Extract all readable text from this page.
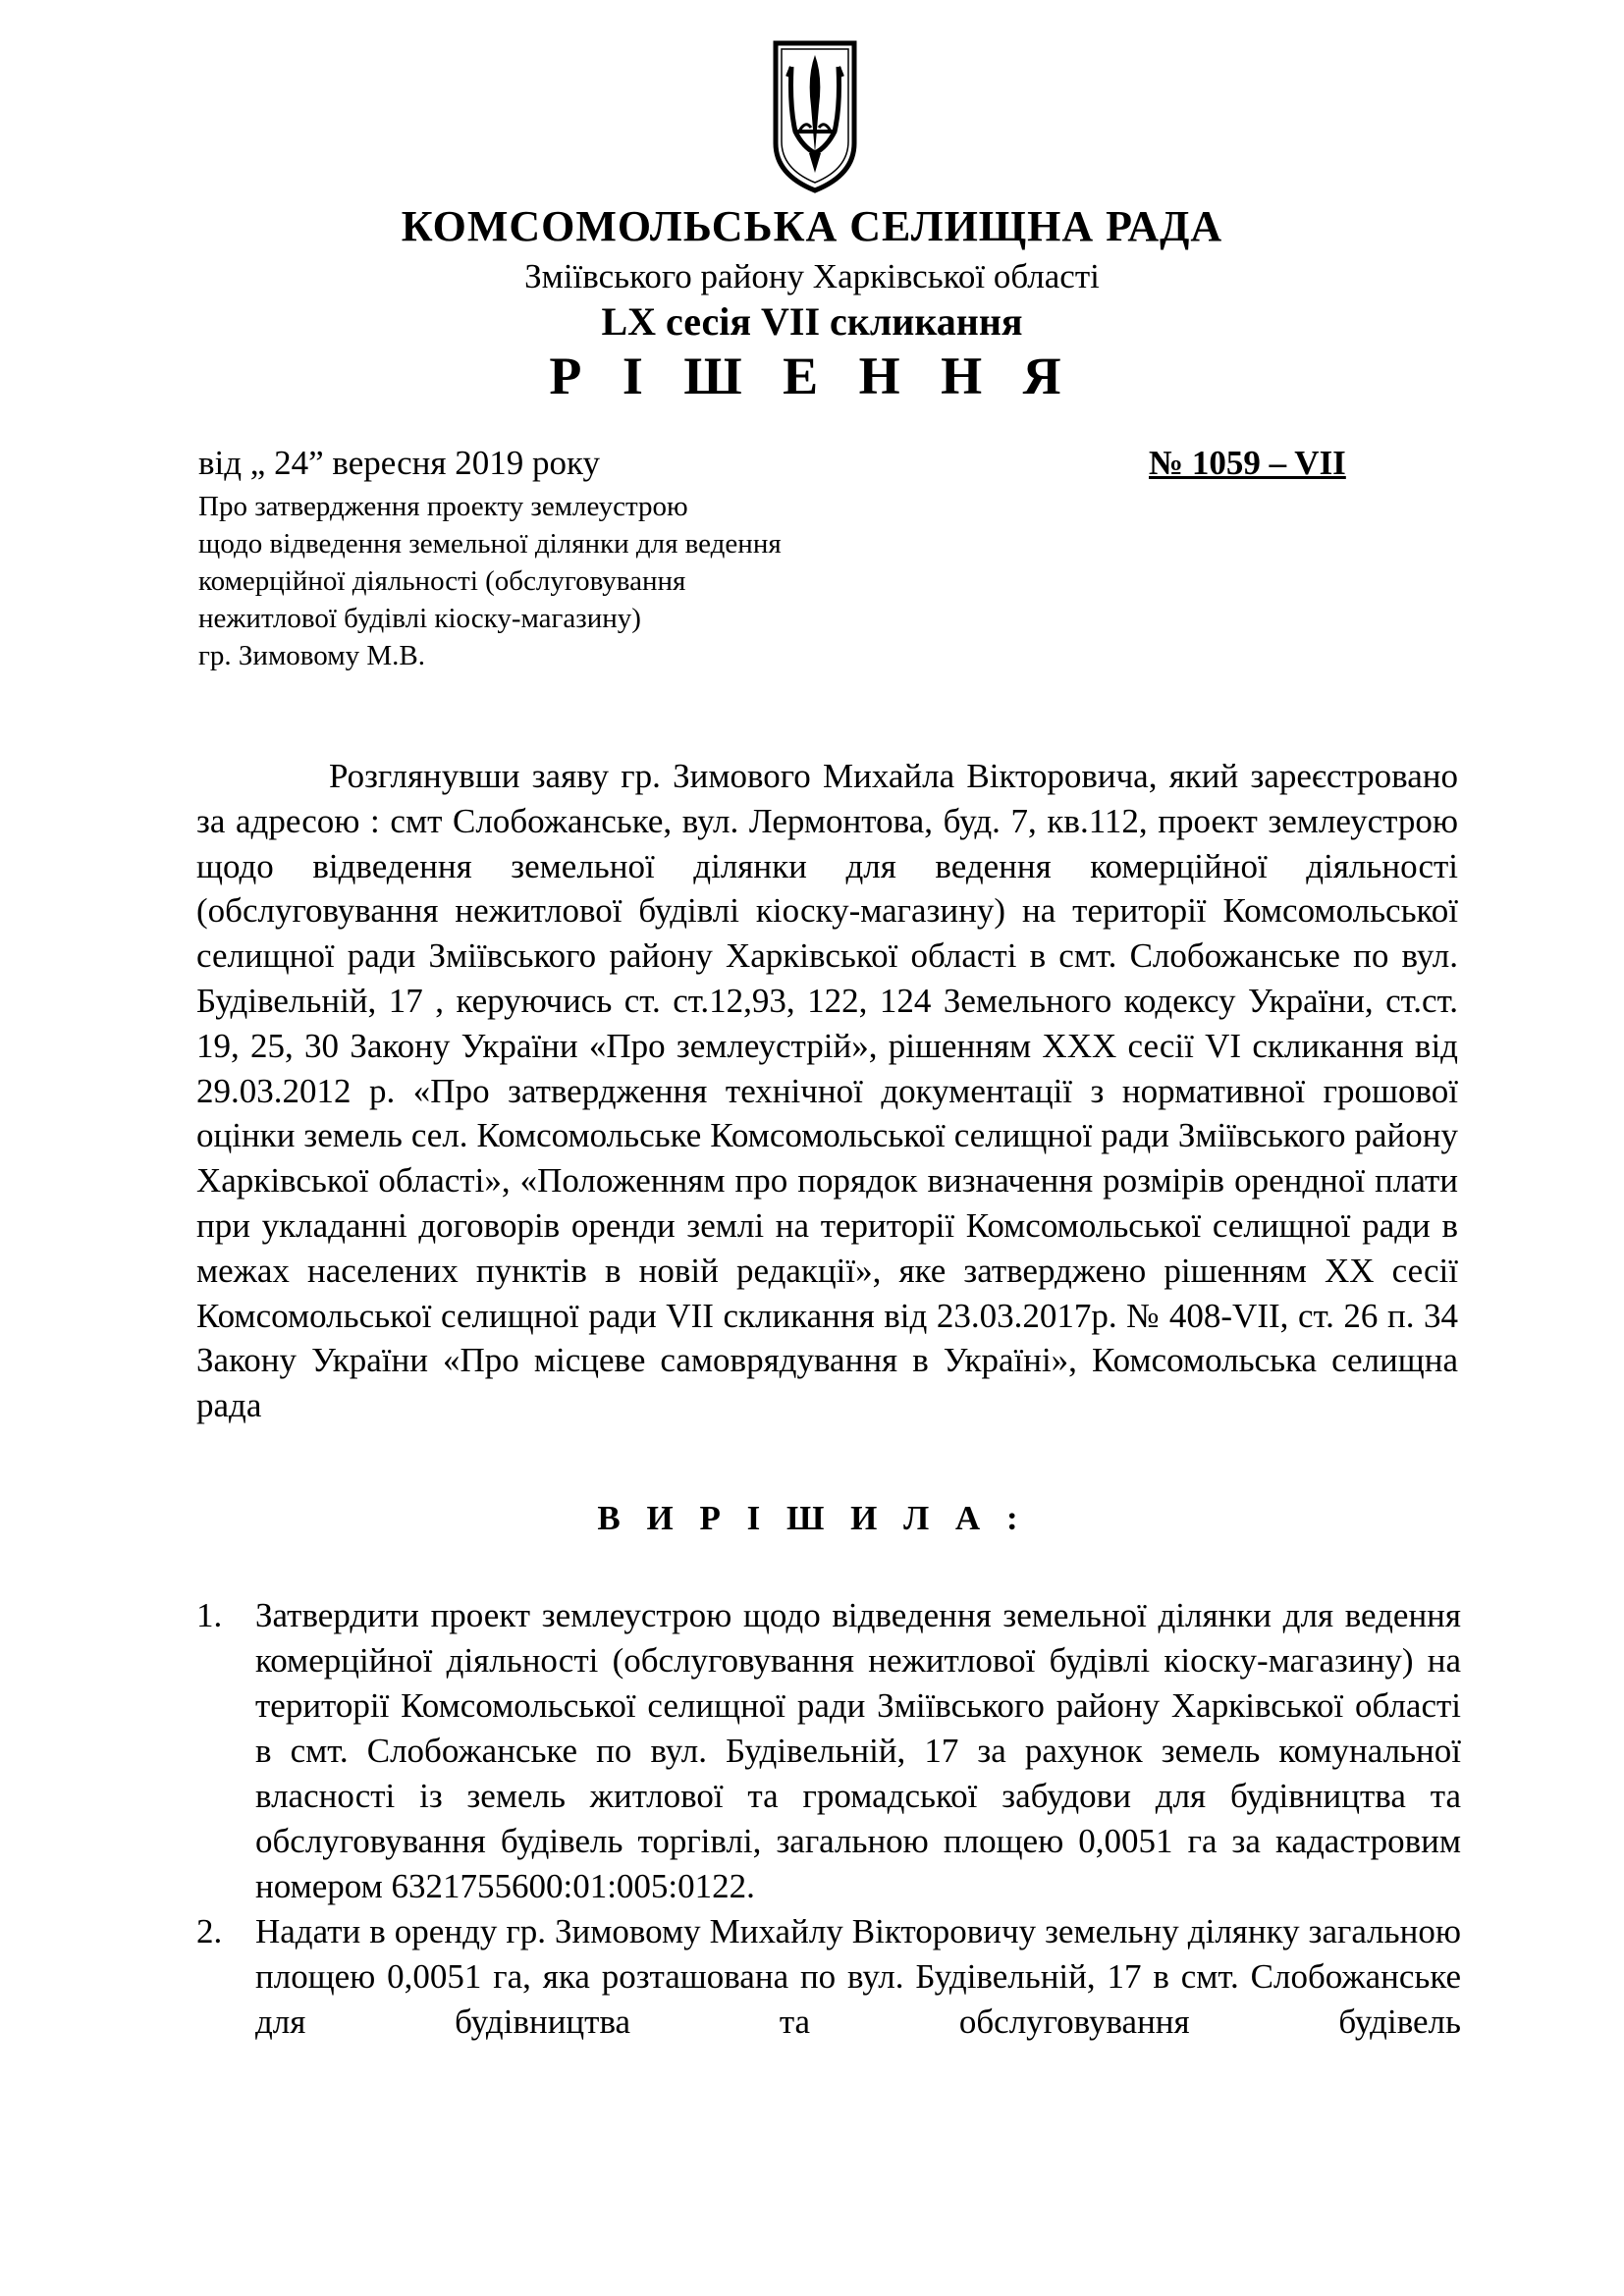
КОМСОМОЛЬСЬКА СЕЛИЩНА РАДА
Зміївського району Харківської області
LX сесія VII скликання
Р І Ш Е Н Н Я
від „ 24” вересня 2019 року	№ 1059 – VII
Про затвердження проекту землеустрою
щодо відведення земельної ділянки для ведення
комерційної діяльності (обслуговування
нежитлової будівлі кіоску-магазину)
гр. Зимовому М.В.
Розглянувши заяву гр. Зимового Михайла Вікторовича, який зареєстровано за адресою : смт Слобожанське, вул. Лермонтова, буд. 7, кв.112, проект землеустрою щодо відведення земельної ділянки для ведення комерційної діяльності (обслуговування нежитлової будівлі кіоску-магазину) на території Комсомольської селищної ради Зміївського району Харківської області в смт. Слобожанське по вул. Будівельній, 17 , керуючись ст. ст.12,93, 122, 124 Земельного кодексу України, ст.ст. 19, 25, 30 Закону України «Про землеустрій», рішенням XXX сесії VI скликання від 29.03.2012 р. «Про затвердження технічної документації з нормативної грошової оцінки земель сел. Комсомольське Комсомольської селищної ради Зміївського району Харківської області», «Положенням про порядок визначення розмірів орендної плати при укладанні договорів оренди землі на території Комсомольської селищної ради в межах населених пунктів в новій редакції», яке затверджено рішенням XX сесії Комсомольської селищної ради VII скликання від 23.03.2017р. № 408-VII, ст. 26 п. 34 Закону України «Про місцеве самоврядування в Україні», Комсомольська селищна рада
В И Р І Ш И Л А :
1. Затвердити проект землеустрою щодо відведення земельної ділянки для ведення комерційної діяльності (обслуговування нежитлової будівлі кіоску-магазину) на території Комсомольської селищної ради Зміївського району Харківської області в смт. Слобожанське по вул. Будівельній, 17 за рахунок земель комунальної власності із земель житлової та громадської забудови для будівництва та обслуговування будівель торгівлі, загальною площею 0,0051 га за кадастровим номером 6321755600:01:005:0122.
2. Надати в оренду гр. Зимовому Михайлу Вікторовичу земельну ділянку загальною площею 0,0051 га, яка розташована по вул. Будівельній, 17 в смт. Слобожанське для будівництва та обслуговування будівель
